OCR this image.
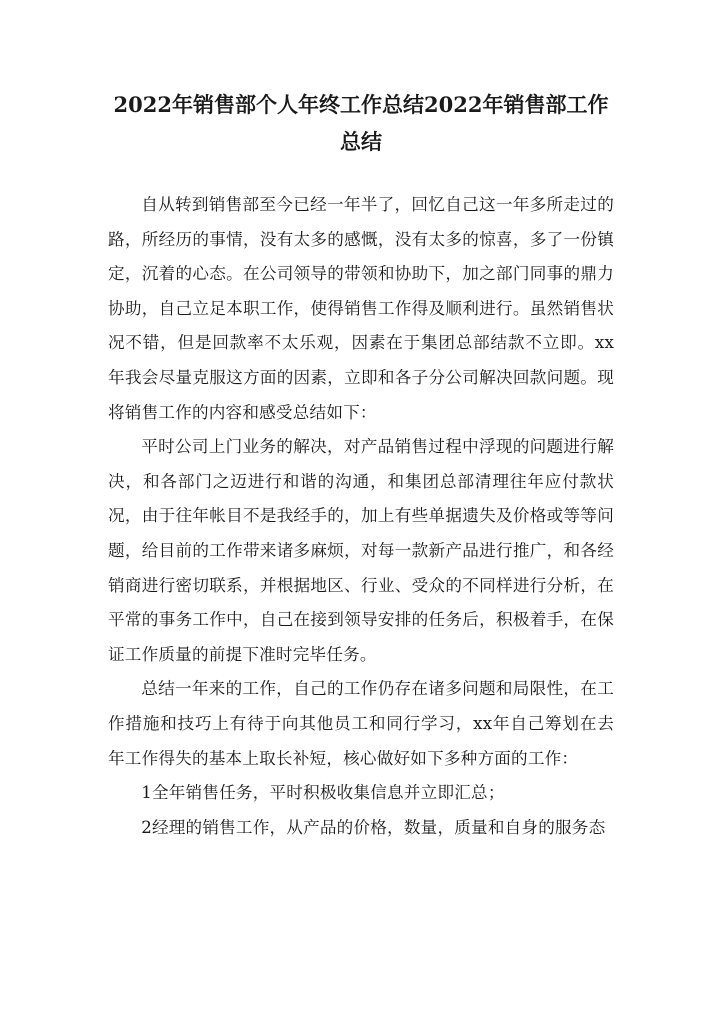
2022年销售部个人年终工作总结2022年销售部工作总结

自从转到销售部至今已经一年半了，回忆自己这一年多所走过的路，所经历的事情，没有太多的感慨，没有太多的惊喜，多了一份镇定，沉着的心态。在公司领导的带领和协助下，加之部门同事的鼎力协助，自己立足本职工作，使得销售工作得及顺利进行。虽然销售状况不错，但是回款率不太乐观，因素在于集团总部结款不立即。xx年我会尽量克服这方面的因素，立即和各子分公司解决回款问题。现将销售工作的内容和感受总结如下：

平时公司上门业务的解决，对产品销售过程中浮现的问题进行解决，和各部门之迈进行和谐的沟通，和集团总部清理往年应付款状况，由于往年帐目不是我经手的，加上有些单据遗失及价格或等等问题，给目前的工作带来诸多麻烦，对每一款新产品进行推广，和各经销商进行密切联系，并根据地区、行业、受众的不同样进行分析，在平常的事务工作中，自己在接到领导安排的任务后，积极着手，在保证工作质量的前提下准时完毕任务。

总结一年来的工作，自己的工作仍存在诸多问题和局限性，在工作措施和技巧上有待于向其他员工和同行学习，xx年自己筹划在去年工作得失的基本上取长补短，核心做好如下多种方面的工作：

1全年销售任务，平时积极收集信息并立即汇总；

2经理的销售工作，从产品的价格，数量，质量和自身的服务态
